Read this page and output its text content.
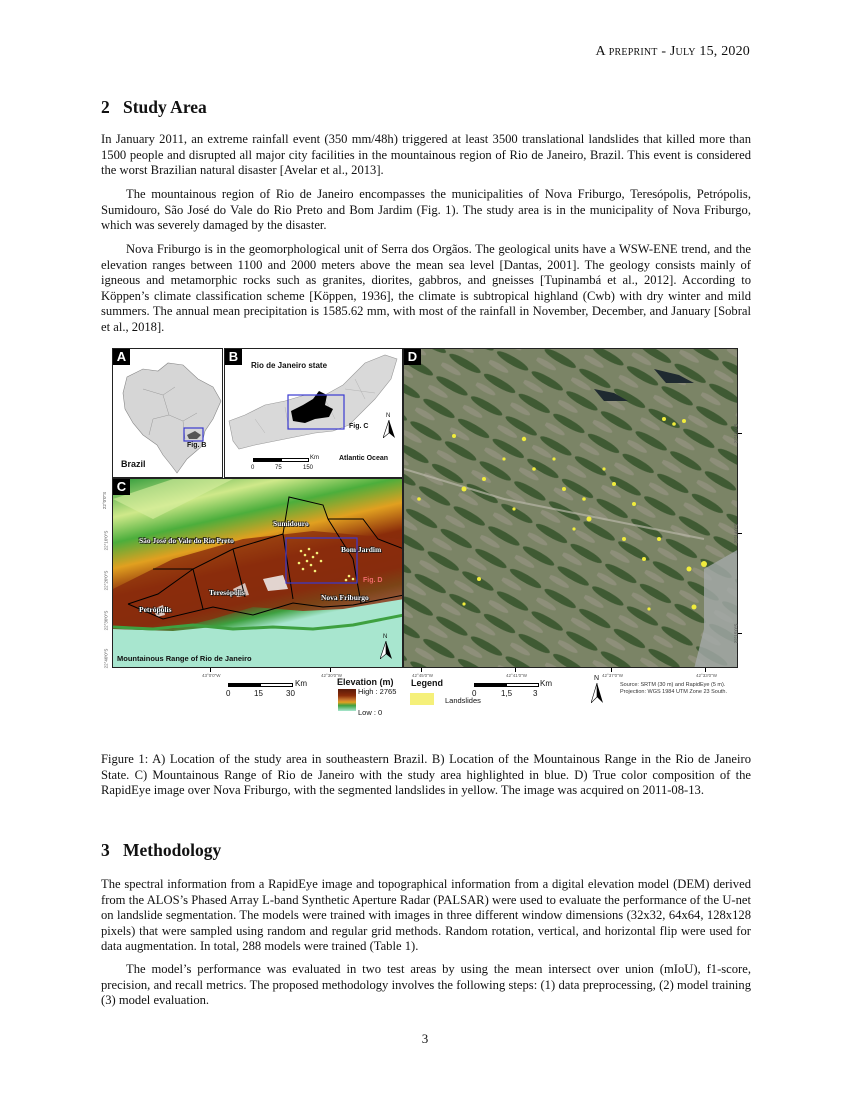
A preprint - July 15, 2020
2 Study Area

In January 2011, an extreme rainfall event (350 mm/48h) triggered at least 3500 translational landslides that killed more than 1500 people and disrupted all major city facilities in the mountainous region of Rio de Janeiro, Brazil. This event is considered the worst Brazilian natural disaster [Avelar et al., 2013].

The mountainous region of Rio de Janeiro encompasses the municipalities of Nova Friburgo, Teresópolis, Petrópolis, Sumidouro, São José do Vale do Rio Preto and Bom Jardim (Fig. 1). The study area is in the municipality of Nova Friburgo, which was severely damaged by the disaster.

Nova Friburgo is in the geomorphological unit of Serra dos Orgãos. The geological units have a WSW-ENE trend, and the elevation ranges between 1100 and 2000 meters above the mean sea level [Dantas, 2001]. The geology consists mainly of igneous and metamorphic rocks such as granites, diorites, gabbros, and gneisses [Tupinambá et al., 2012]. According to Köppen’s climate classification scheme [Köppen, 1936], the climate is subtropical highland (Cwb) with dry winter and mild summers. The annual mean precipitation is 1585.62 mm, with most of the rainfall in November, December, and January [Sobral et al., 2018].

A
Fig. B
Brazil
B
Rio de Janeiro state
Fig. C
N
Atlantic Ocean
Km
0	75	150
C
Sumidouro
São José do Vale do Rio Preto
Bom Jardim
Teresópolis
Nova Friburgo
Petrópolis
Fig. D
N
Mountainous Range of Rio de Janeiro
22°0'0"S
22°10'0"S
22°20'0"S
22°30'0"S
22°40'0"S
D
22°13'0"S
22°14'0"S
22°15'0"S
43°0'0"W	42°30'0"W	42°45'0"W	42°41'0"W	42°37'0"W	42°33'0"W
Km
0	15	30
Elevation (m)
High : 2765
Low : 0
Legend
Landslides
Km
0	1,5	3
N
Source: SRTM (30 m) and RapidEye (5 m).
Projection: WGS 1984 UTM Zone 23 South.

Figure 1: A) Location of the study area in southeastern Brazil. B) Location of the Mountainous Range in the Rio de Janeiro State. C) Mountainous Range of Rio de Janeiro with the study area highlighted in blue. D) True color composition of the RapidEye image over Nova Friburgo, with the segmented landslides in yellow. The image was acquired on 2011-08-13.

3 Methodology

The spectral information from a RapidEye image and topographical information from a digital elevation model (DEM) derived from the ALOS’s Phased Array L-band Synthetic Aperture Radar (PALSAR) were used to evaluate the performance of the U-net on landslide segmentation. The models were trained with images in three different window dimensions (32x32, 64x64, 128x128 pixels) that were sampled using random and regular grid methods. Random rotation, vertical, and horizontal flip were used for data augmentation. In total, 288 models were trained (Table 1).

The model’s performance was evaluated in two test areas by using the mean intersect over union (mIoU), f1-score, precision, and recall metrics. The proposed methodology involves the following steps: (1) data preprocessing, (2) model training (3) model evaluation.

3
